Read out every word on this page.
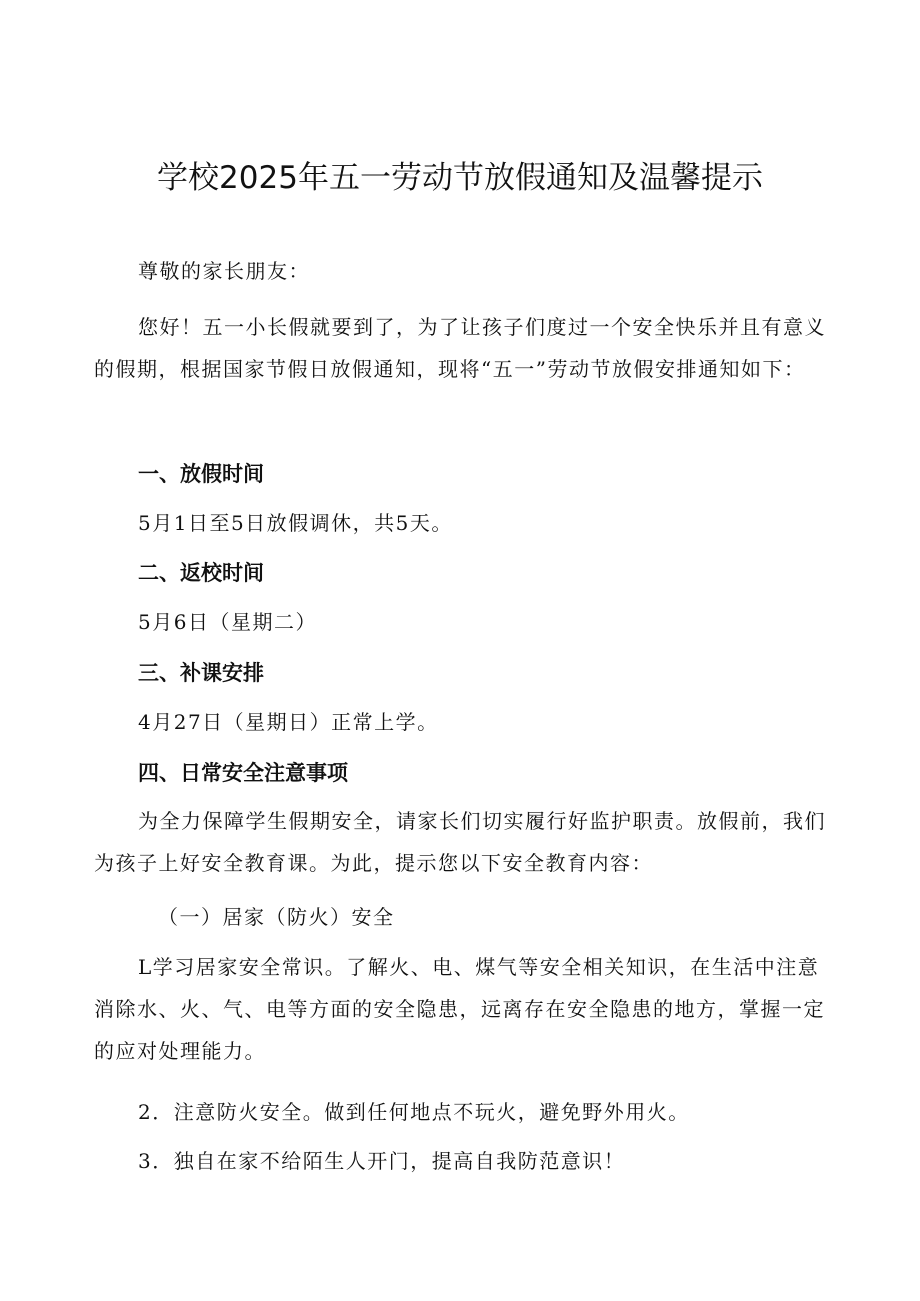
学校2025年五一劳动节放假通知及温馨提示

尊敬的家长朋友：

您好！五一小长假就要到了，为了让孩子们度过一个安全快乐并且有意义的假期，根据国家节假日放假通知，现将“五一”劳动节放假安排通知如下：

一、放假时间

5月1日至5日放假调休，共5天。

二、返校时间

5月6日（星期二）

三、补课安排

4月27日（星期日）正常上学。

四、日常安全注意事项

为全力保障学生假期安全，请家长们切实履行好监护职责。放假前，我们为孩子上好安全教育课。为此，提示您以下安全教育内容：

（一）居家（防火）安全

L学习居家安全常识。了解火、电、煤气等安全相关知识，在生活中注意消除水、火、气、电等方面的安全隐患，远离存在安全隐患的地方，掌握一定的应对处理能力。

2．注意防火安全。做到任何地点不玩火，避免野外用火。

3．独自在家不给陌生人开门，提高自我防范意识！
